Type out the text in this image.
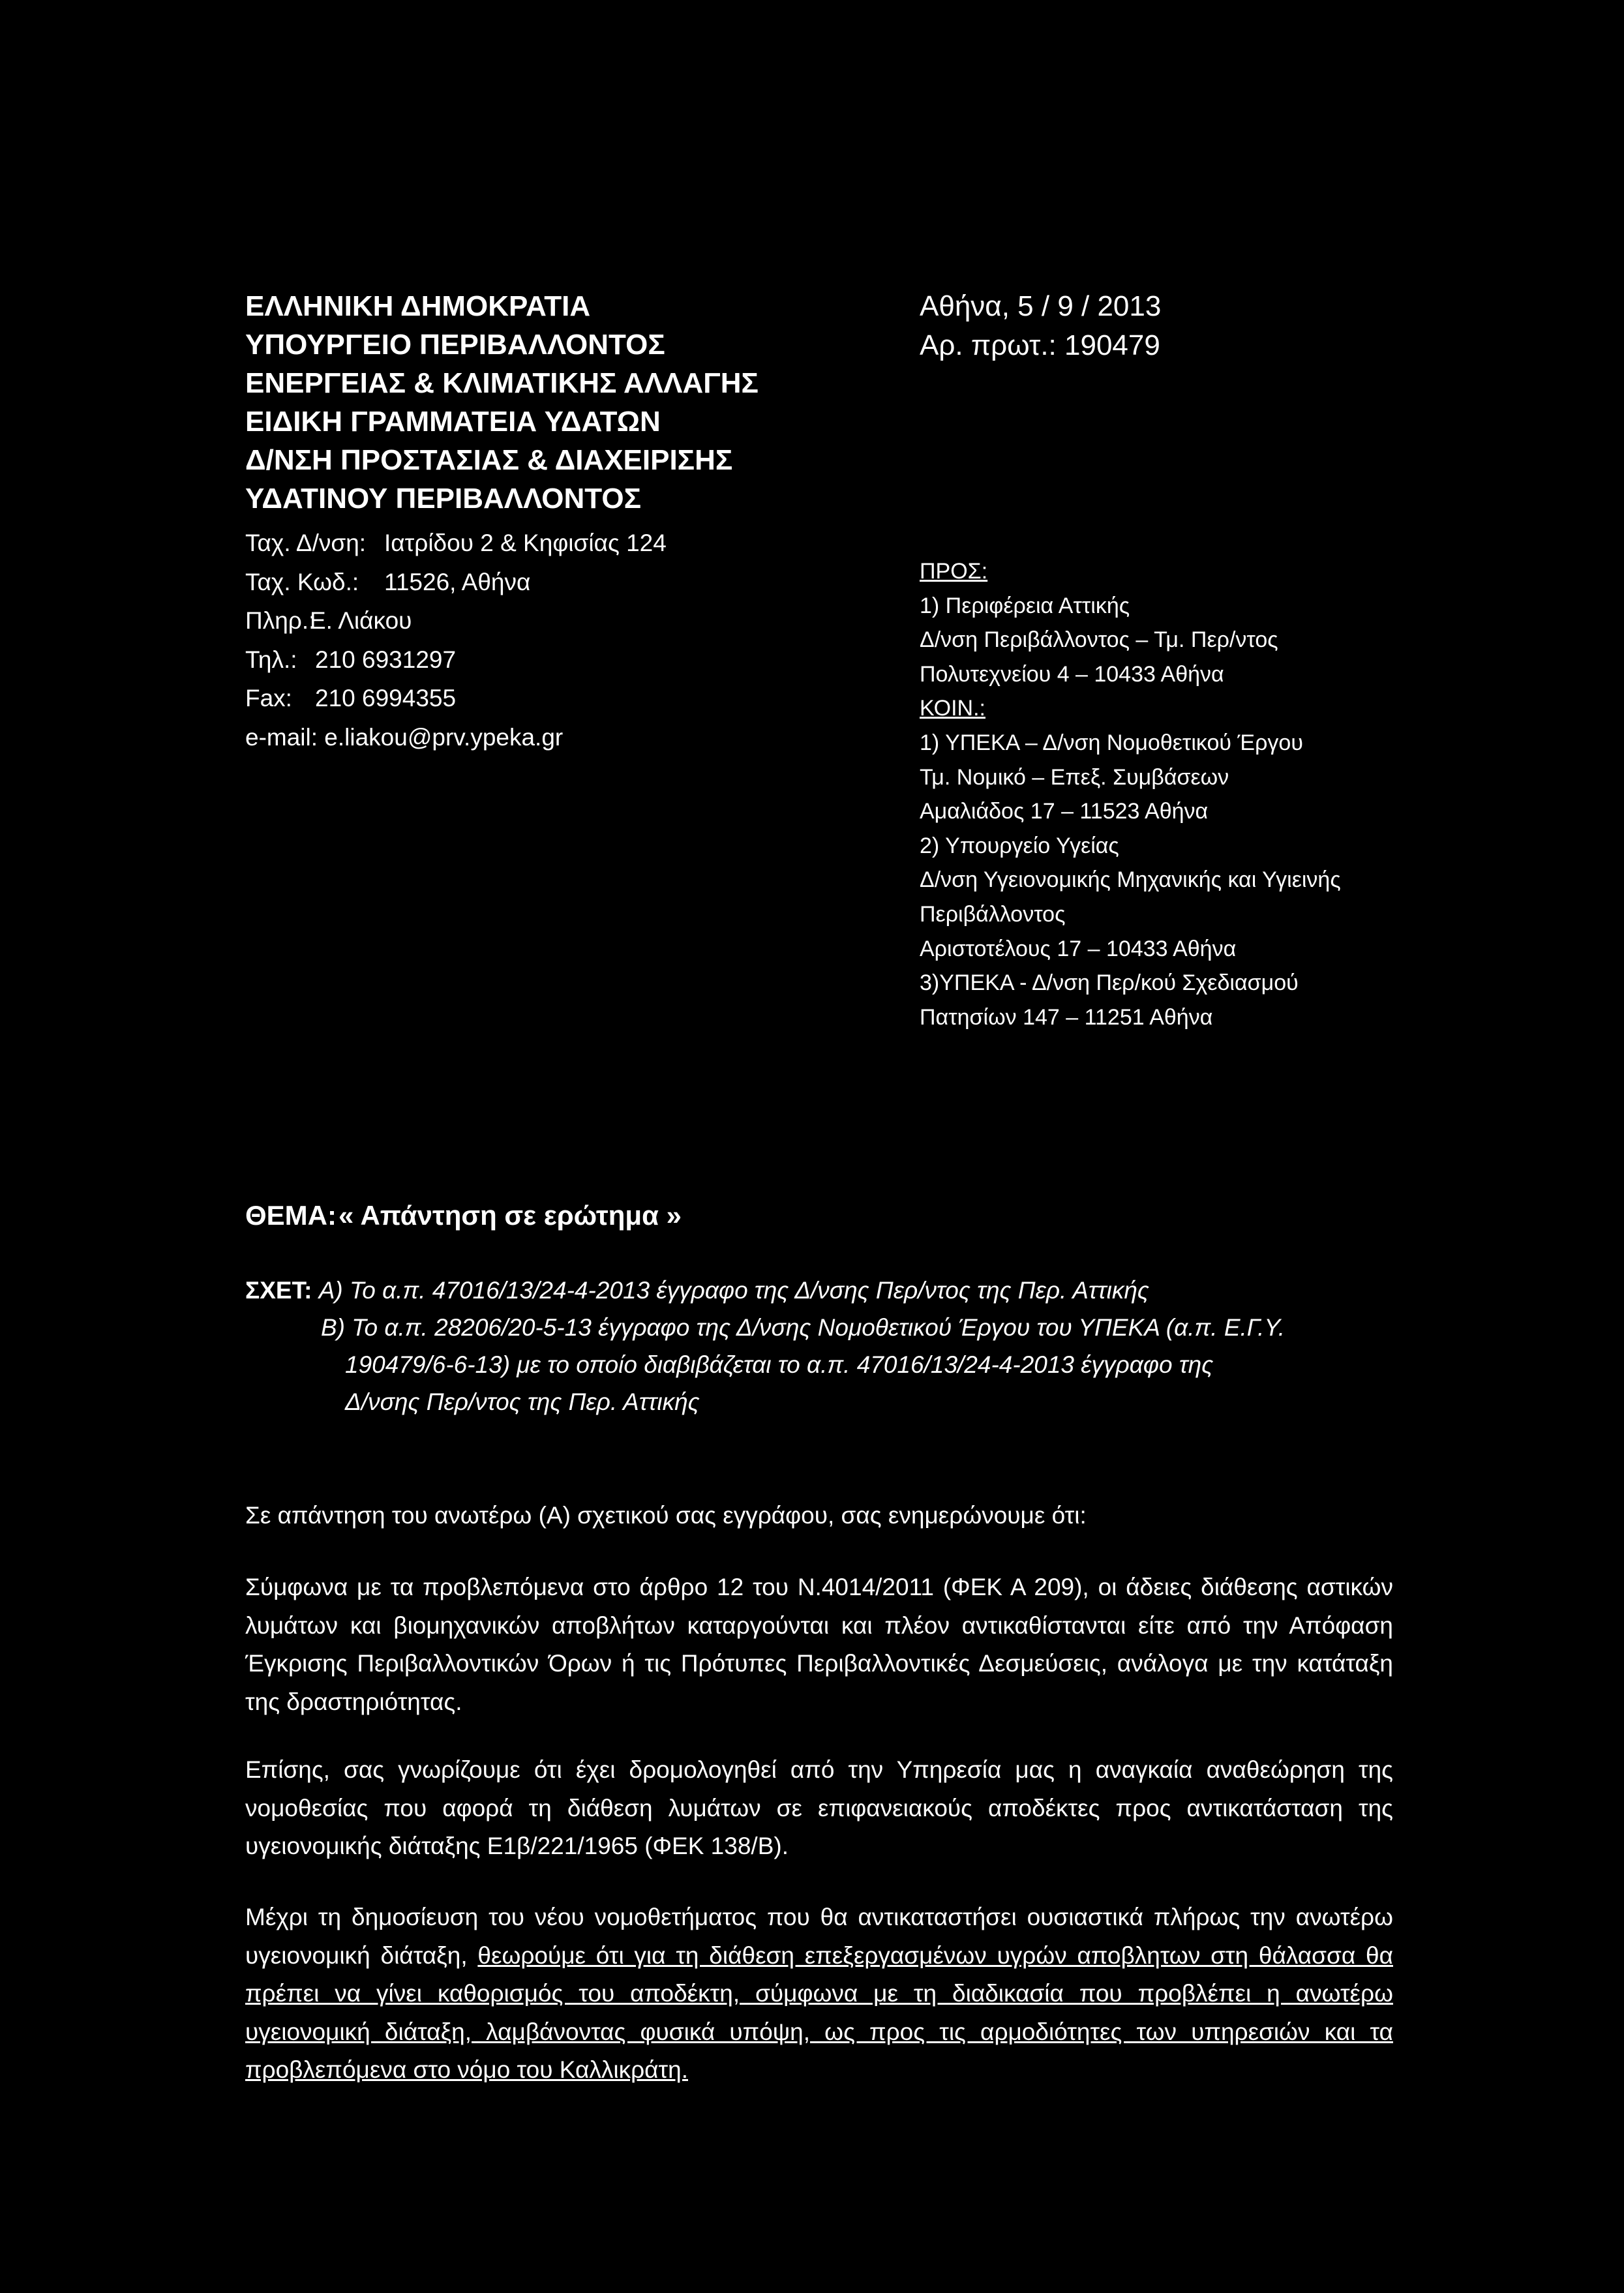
ΕΛΛΗΝΙΚΗ ΔΗΜΟΚΡΑΤΙΑ
ΥΠΟΥΡΓΕΙΟ ΠΕΡΙΒΑΛΛΟΝΤΟΣ
ΕΝΕΡΓΕΙΑΣ & ΚΛΙΜΑΤΙΚΗΣ ΑΛΛΑΓΗΣ
ΕΙΔΙΚΗ ΓΡΑΜΜΑΤΕΙΑ ΥΔΑΤΩΝ
Δ/ΝΣΗ ΠΡΟΣΤΑΣΙΑΣ & ΔΙΑΧΕΙΡΙΣΗΣ
ΥΔΑΤΙΝΟΥ ΠΕΡΙΒΑΛΛΟΝΤΟΣ
Ταχ. Δ/νση: Ιατρίδου 2 & Κηφισίας 124
Ταχ. Κωδ.: 11526, Αθήνα
Πληρ.:Ε. Λιάκου
Τηλ.: 210 6931297
Fax: 210 6994355
e-mail: e.liakou@prv.ypeka.gr
Αθήνα, 5 / 9 / 2013
Αρ. πρωτ.: 190479
ΠΡΟΣ:
1) Περιφέρεια Αττικής
Δ/νση Περιβάλλοντος – Τμ. Περ/ντος
Πολυτεχνείου 4 – 10433 Αθήνα
ΚΟΙΝ.:
1) ΥΠΕΚΑ – Δ/νση Νομοθετικού Έργου
Τμ. Νομικό – Επεξ. Συμβάσεων
Αμαλιάδος 17 – 11523 Αθήνα
2) Υπουργείο Υγείας
Δ/νση Υγειονομικής Μηχανικής και Υγιεινής
Περιβάλλοντος
Αριστοτέλους 17 – 10433 Αθήνα
3)ΥΠΕΚΑ - Δ/νση Περ/κού Σχεδιασμού
Πατησίων 147 – 11251 Αθήνα
ΘΕΜΑ:« Απάντηση σε ερώτημα »
ΣΧΕΤ: Α) Το α.π. 47016/13/24-4-2013 έγγραφο της Δ/νσης Περ/ντος της Περ. Αττικής
Β) Το α.π. 28206/20-5-13 έγγραφο της Δ/νσης Νομοθετικού Έργου του ΥΠΕΚΑ (α.π. Ε.Γ.Υ.
190479/6-6-13) με το οποίο διαβιβάζεται το α.π. 47016/13/24-4-2013 έγγραφο της
Δ/νσης Περ/ντος της Περ. Αττικής

Σε απάντηση του ανωτέρω (Α) σχετικού σας εγγράφου, σας ενημερώνουμε ότι:

Σύμφωνα με τα προβλεπόμενα στο άρθρο 12 του Ν.4014/2011 (ΦΕΚ Α 209), οι άδειες διάθεσης αστικών λυμάτων και βιομηχανικών αποβλήτων καταργούνται και πλέον αντικαθίστανται είτε από την Απόφαση Έγκρισης Περιβαλλοντικών Όρων ή τις Πρότυπες Περιβαλλοντικές Δεσμεύσεις, ανάλογα με την κατάταξη της δραστηριότητας.

Επίσης, σας γνωρίζουμε ότι έχει δρομολογηθεί από την Υπηρεσία μας η αναγκαία αναθεώρηση της νομοθεσίας που αφορά τη διάθεση λυμάτων σε επιφανειακούς αποδέκτες προς αντικατάσταση της υγειονομικής διάταξης Ε1β/221/1965 (ΦΕΚ 138/Β).

Μέχρι τη δημοσίευση του νέου νομοθετήματος που θα αντικαταστήσει ουσιαστικά πλήρως την ανωτέρω υγειονομική διάταξη, θεωρούμε ότι για τη διάθεση επεξεργασμένων υγρών αποβλητων στη θάλασσα θα πρέπει να γίνει καθορισμός του αποδέκτη, σύμφωνα με τη διαδικασία που προβλέπει η ανωτέρω υγειονομική διάταξη, λαμβάνοντας φυσικά υπόψη, ως προς τις αρμοδιότητες των υπηρεσιών και τα προβλεπόμενα στο νόμο του Καλλικράτη.
